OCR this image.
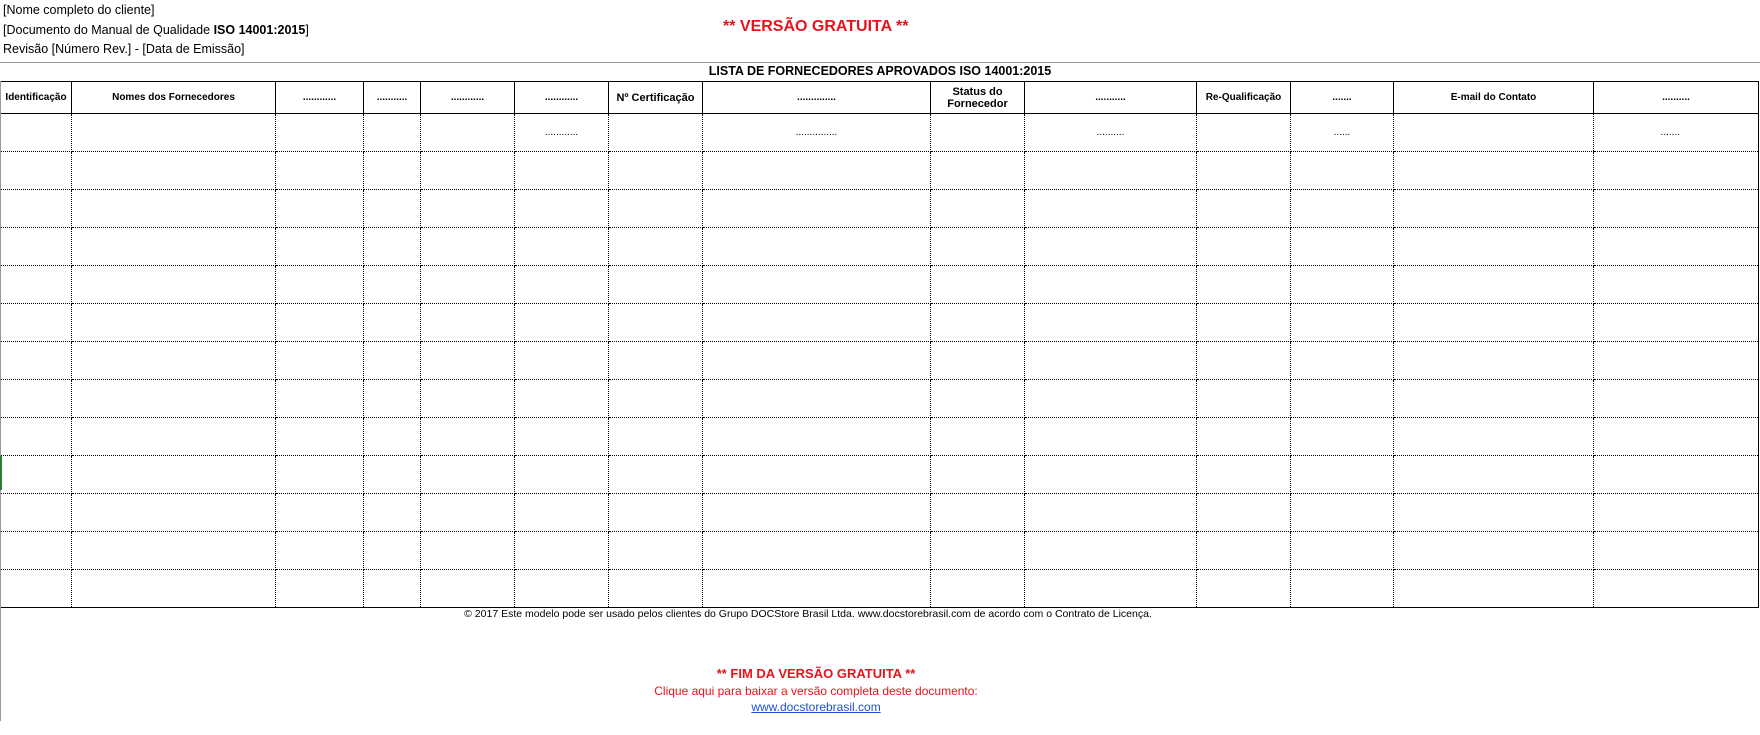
[Nome completo do cliente]
[Documento do Manual de Qualidade ISO 14001:2015]
Revisão [Número Rev.] - [Data de Emissão]
** VERSÃO GRATUITA **
LISTA DE FORNECEDORES APROVADOS ISO 14001:2015
Identificação	Nomes dos Fornecedores	............	...........	............	............	Nº Certificação	..............	Status do Fornecedor	...........	Re-Qualificação	.......	E-mail do Contato	..........
					............		...............		..........		......		.......

© 2017 Este modelo pode ser usado pelos clientes do Grupo DOCStore Brasil Ltda. www.docstorebrasil.com de acordo com o Contrato de Licença.
** FIM DA VERSÃO GRATUITA **
Clique aqui para baixar a versão completa deste documento:
www.docstorebrasil.com
